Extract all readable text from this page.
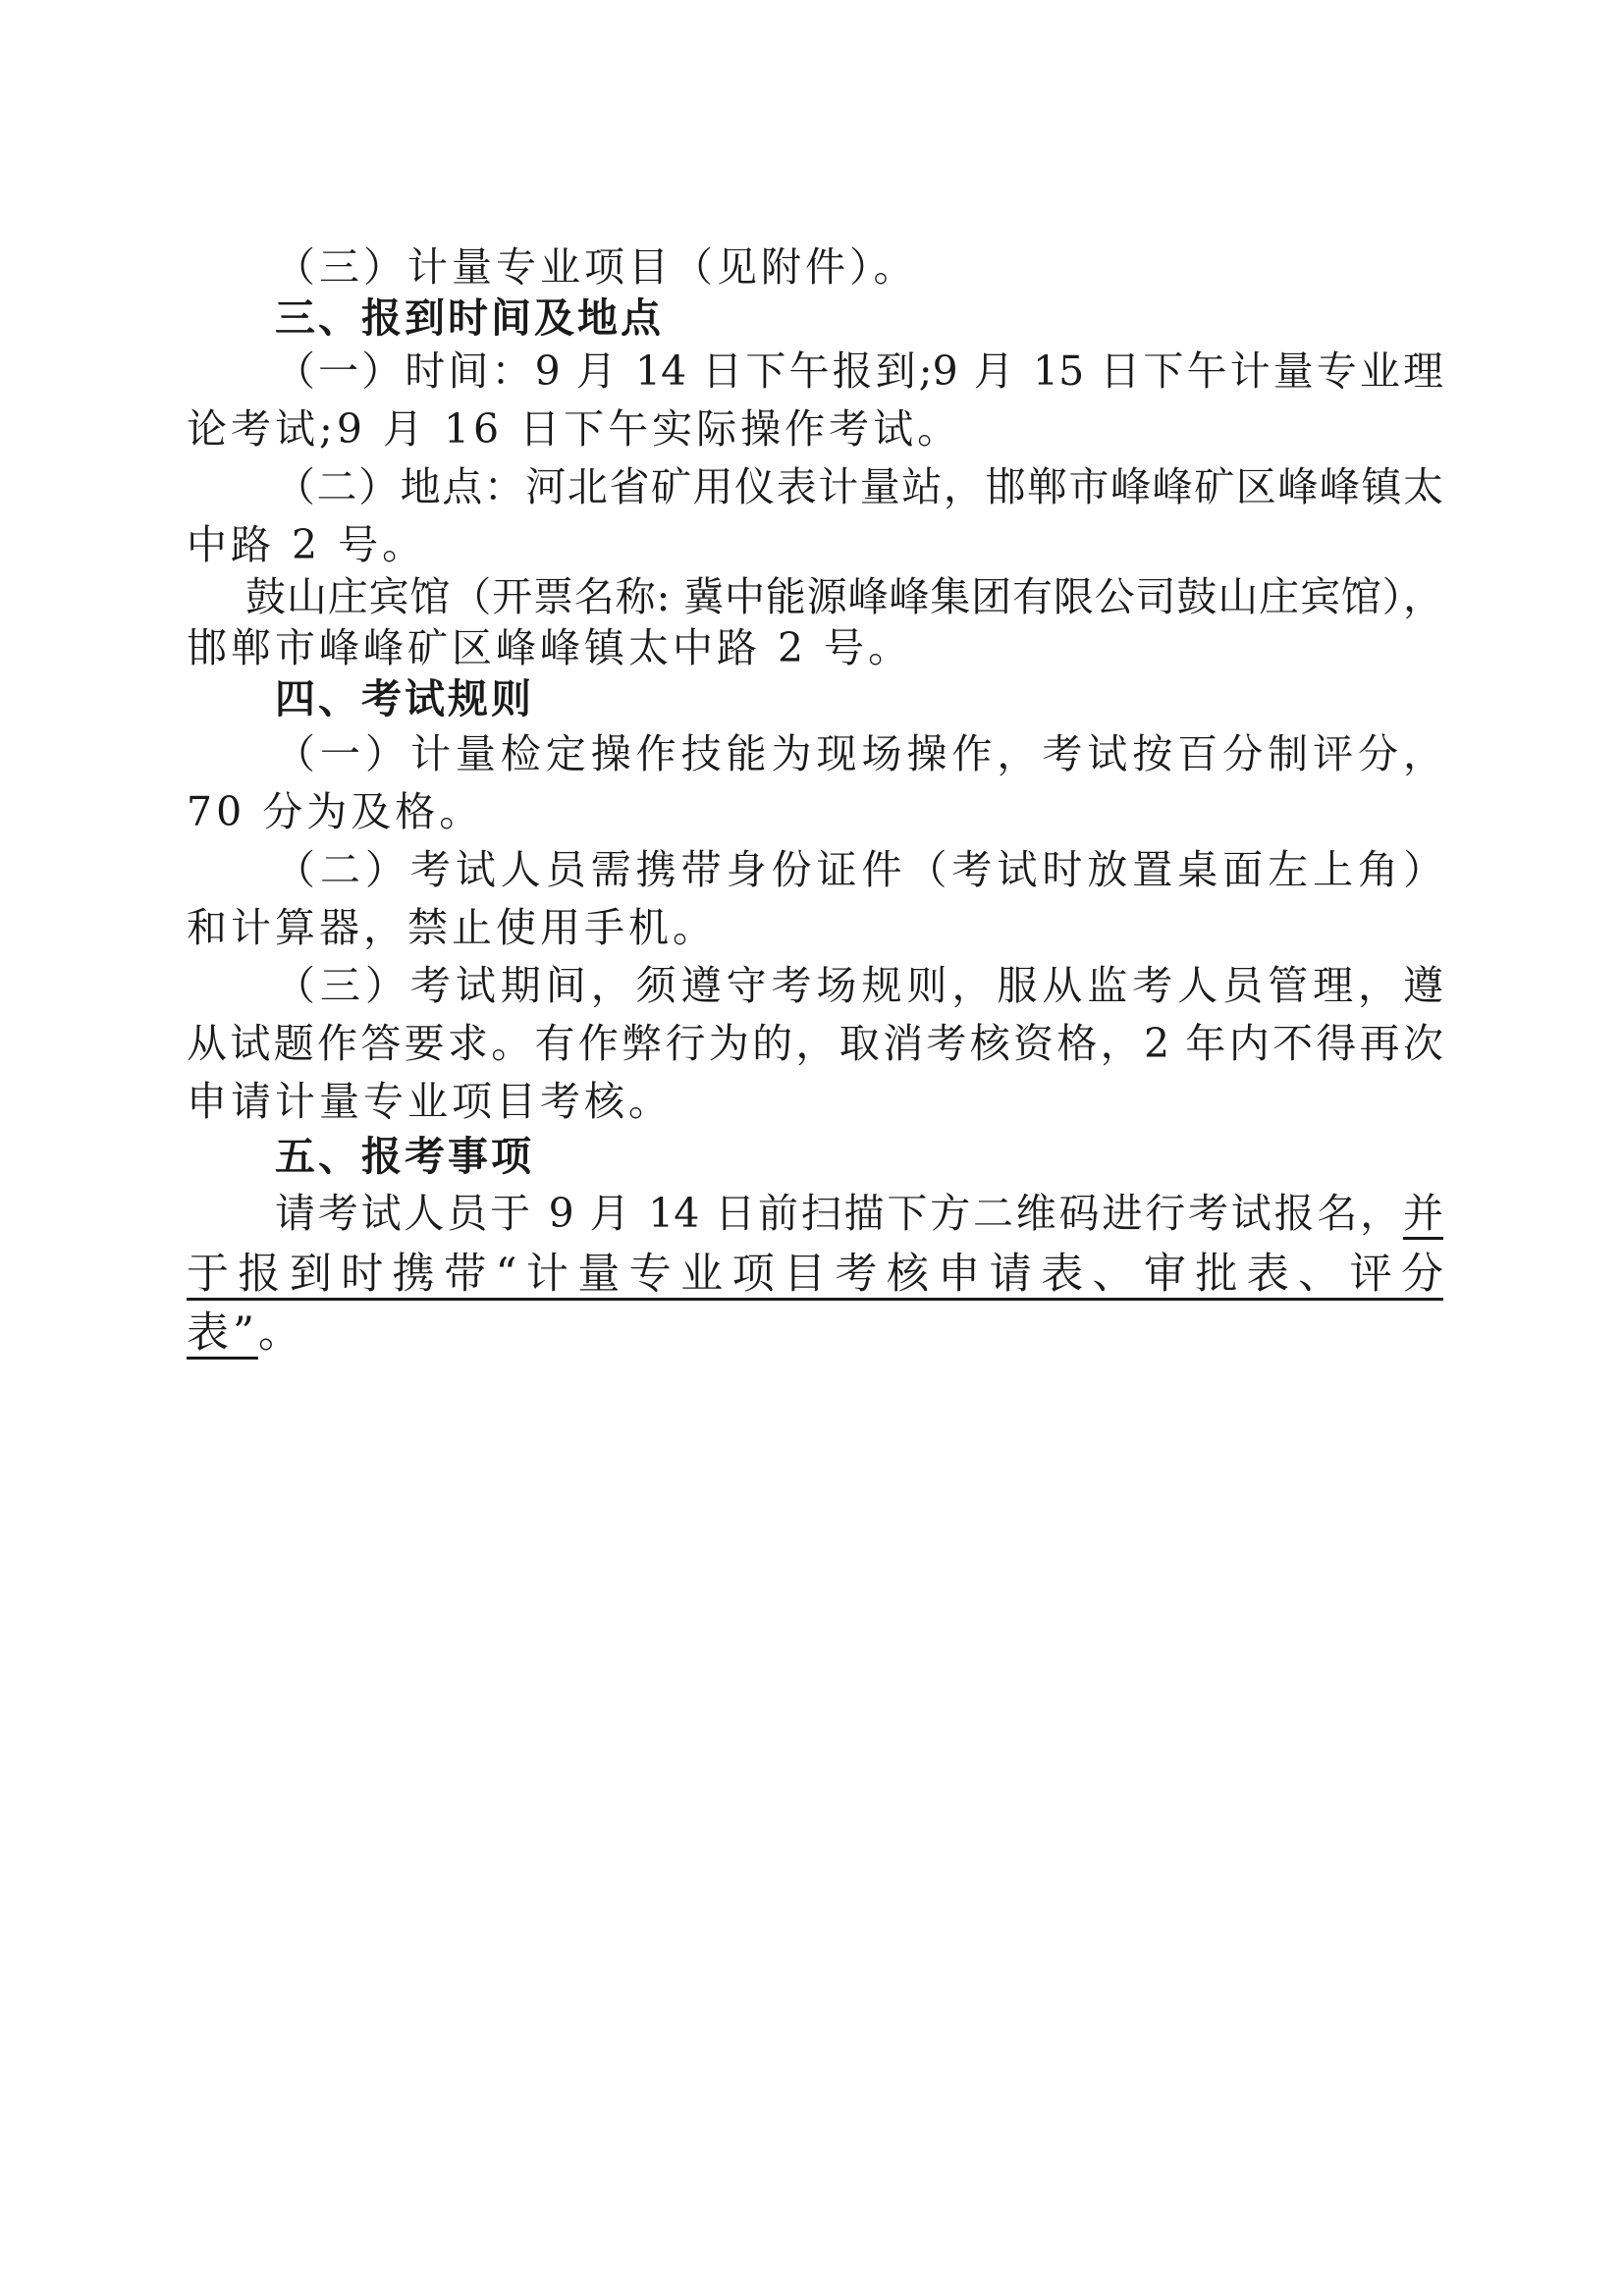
（三）计量专业项目（见附件）。
三、报到时间及地点
（一）时间：9 月 14 日下午报到;9 月 15 日下午计量专业理
论考试;9 月 16 日下午实际操作考试。
（二）地点：河北省矿用仪表计量站，邯郸市峰峰矿区峰峰镇太
中路 2 号。
鼓山庄宾馆（开票名称: 冀中能源峰峰集团有限公司鼓山庄宾馆），
邯郸市峰峰矿区峰峰镇太中路 2 号。
四、考试规则
（一）计量检定操作技能为现场操作，考试按百分制评分，
70 分为及格。
（二）考试人员需携带身份证件（考试时放置桌面左上角）
和计算器，禁止使用手机。
（三）考试期间，须遵守考场规则，服从监考人员管理，遵
从试题作答要求。有作弊行为的，取消考核资格，2 年内不得再次
申请计量专业项目考核。
五、报考事项
请考试人员于 9 月 14 日前扫描下方二维码进行考试报名，并
于报到时携带“计量专业项目考核申请表、审批表、评分
表”。
